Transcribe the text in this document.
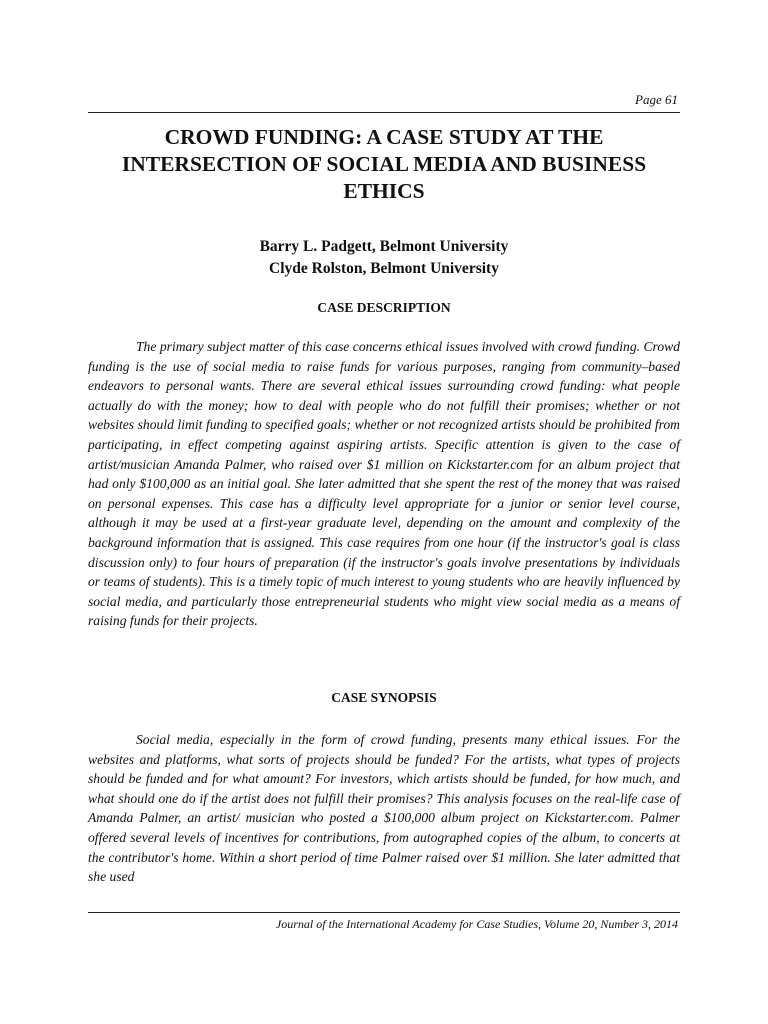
Page 61
CROWD FUNDING: A CASE STUDY AT THE
INTERSECTION OF SOCIAL MEDIA AND BUSINESS
ETHICS
Barry L. Padgett, Belmont University
Clyde Rolston, Belmont University
CASE DESCRIPTION

The primary subject matter of this case concerns ethical issues involved with crowd funding. Crowd funding is the use of social media to raise funds for various purposes, ranging from community–based endeavors to personal wants. There are several ethical issues surrounding crowd funding: what people actually do with the money; how to deal with people who do not fulfill their promises; whether or not websites should limit funding to specified goals; whether or not recognized artists should be prohibited from participating, in effect competing against aspiring artists. Specific attention is given to the case of artist/musician Amanda Palmer, who raised over $1 million on Kickstarter.com for an album project that had only $100,000 as an initial goal. She later admitted that she spent the rest of the money that was raised on personal expenses. This case has a difficulty level appropriate for a junior or senior level course, although it may be used at a first-year graduate level, depending on the amount and complexity of the background information that is assigned. This case requires from one hour (if the instructor's goal is class discussion only) to four hours of preparation (if the instructor's goals involve presentations by individuals or teams of students). This is a timely topic of much interest to young students who are heavily influenced by social media, and particularly those entrepreneurial students who might view social media as a means of raising funds for their projects.

CASE SYNOPSIS

Social media, especially in the form of crowd funding, presents many ethical issues. For the websites and platforms, what sorts of projects should be funded? For the artists, what types of projects should be funded and for what amount? For investors, which artists should be funded, for how much, and what should one do if the artist does not fulfill their promises? This analysis focuses on the real-life case of Amanda Palmer, an artist/ musician who posted a $100,000 album project on Kickstarter.com. Palmer offered several levels of incentives for contributions, from autographed copies of the album, to concerts at the contributor's home. Within a short period of time Palmer raised over $1 million. She later admitted that she used

Journal of the International Academy for Case Studies, Volume 20, Number 3, 2014
